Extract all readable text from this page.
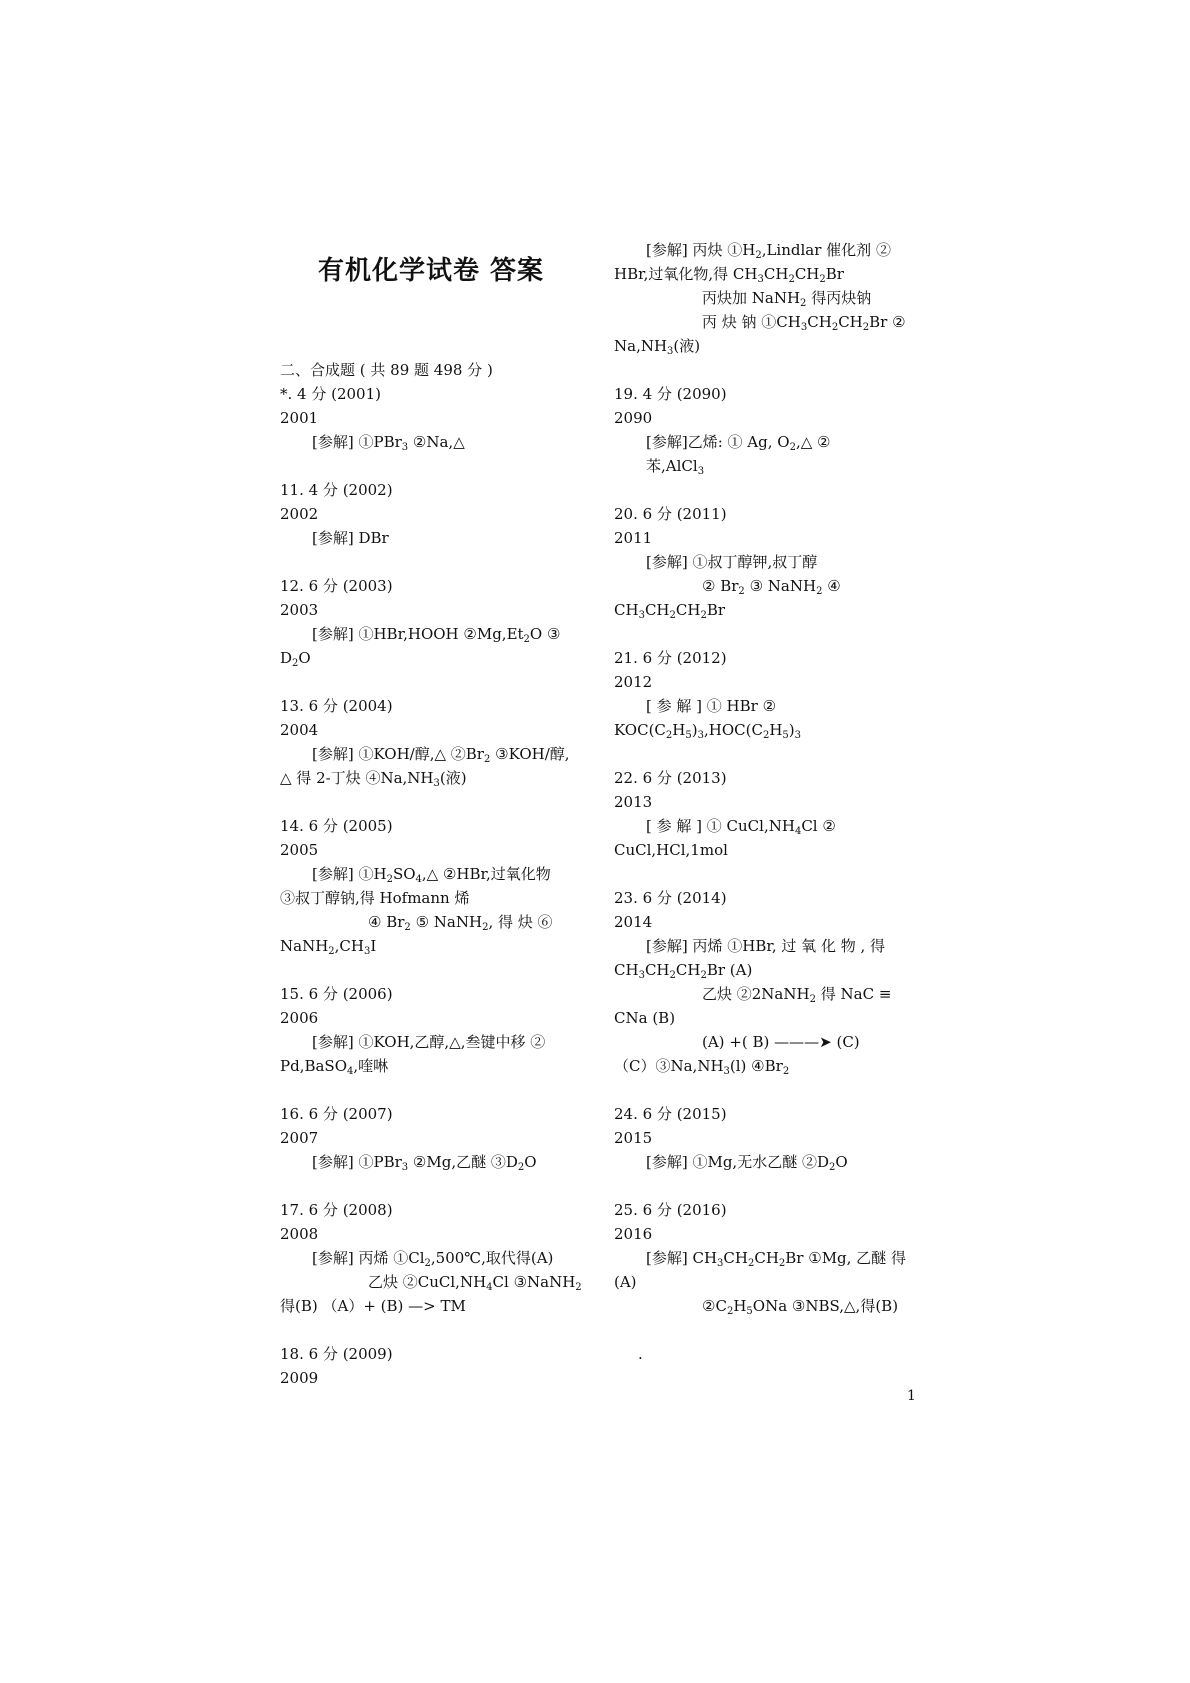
有机化学试卷 答案
二、合成题 ( 共 89 题 498 分 )
*. 4 分 (2001)
2001
[参解] ①PBr$_3$ ②Na,△
11. 4 分 (2002)
2002
[参解] DBr
12. 6 分 (2003)
2003
[参解] ①HBr,HOOH $②Mg,Et_2O$ ③
$D_2O$
13. 6 分 (2004)
2004
[参解] ①KOH/醇,△ $②Br_2$ ③KOH/醇,
△ 得 2-丁炔 $④Na,NH_3$(液)
14. 6 分 (2005)
2005
[参解] $①H_2SO_4,\triangle$ ②HBr,过氧化物
③叔丁醇钠,得 Hofmann 烯
④ $Br_2$ ⑤ NaNH$_2$, 得 炔 ⑥
$NaNH_2,CH_3I$
15. 6 分 (2006)
2006
[参解] ①KOH,乙醇,△,叁键中移 ②
Pd,BaSO$_4$,喹啉
16. 6 分 (2007)
2007
[参解] ①PBr$_3$ ②Mg,乙醚 $③D_2O$
17. 6 分 (2008)
2008
[参解] 丙烯 $①Cl_2,500℃$,取代得(A)
乙炔 $②CuCl,NH_4Cl$ ③NaNH$_2$
得(B) （A）+ (B) —> TM
18. 6 分 (2009)
2009
[参解] 丙炔 $①H_2,Lindlar$ 催化剂 ②
HBr,过氧化物,得 $CH_3CH_2CH_2Br$
丙炔加 NaNH$_2$ 得丙炔钠
丙 炔 钠 $①CH_3CH_2CH_2Br$ ②
$Na,NH_3$(液)
19. 4 分 (2090)
2090
[参解]乙烯: ① Ag, $O_2,\triangle$ ②
苯,AlCl$_3$
20. 6 分 (2011)
2011
[参解] ①叔丁醇钾,叔丁醇
② $Br_2$ ③ NaNH$_2$ ④
$CH_3CH_2CH_2Br$
21. 6 分 (2012)
2012
[ 参 解 ] ① HBr ②
$KOC(C_2H_5)_3,HOC(C_2H_5)_3$
22. 6 分 (2013)
2013
[ 参 解 ] ① $CuCl,NH_4Cl$ ②
CuCl,HCl,1mol
23. 6 分 (2014)
2014
[参解] 丙烯 ①HBr, 过 氧 化 物 , 得
$CH_3CH_2CH_2Br$ (A)
乙炔 ②2NaNH$_2$ 得 NaC ≡
CNa (B)
(A) +( B) ———➤ (C)
$(C)③Na,NH_3(l)$ $④Br_2$
24. 6 分 (2015)
2015
[参解] ①Mg,无水乙醚 $②D_2O$
25. 6 分 (2016)
2016
[参解] $CH_3CH_2CH_2Br$ ①Mg, 乙醚 得
(A)
$②C_2H_5ONa$ ③NBS,△,得(B)
.
1
